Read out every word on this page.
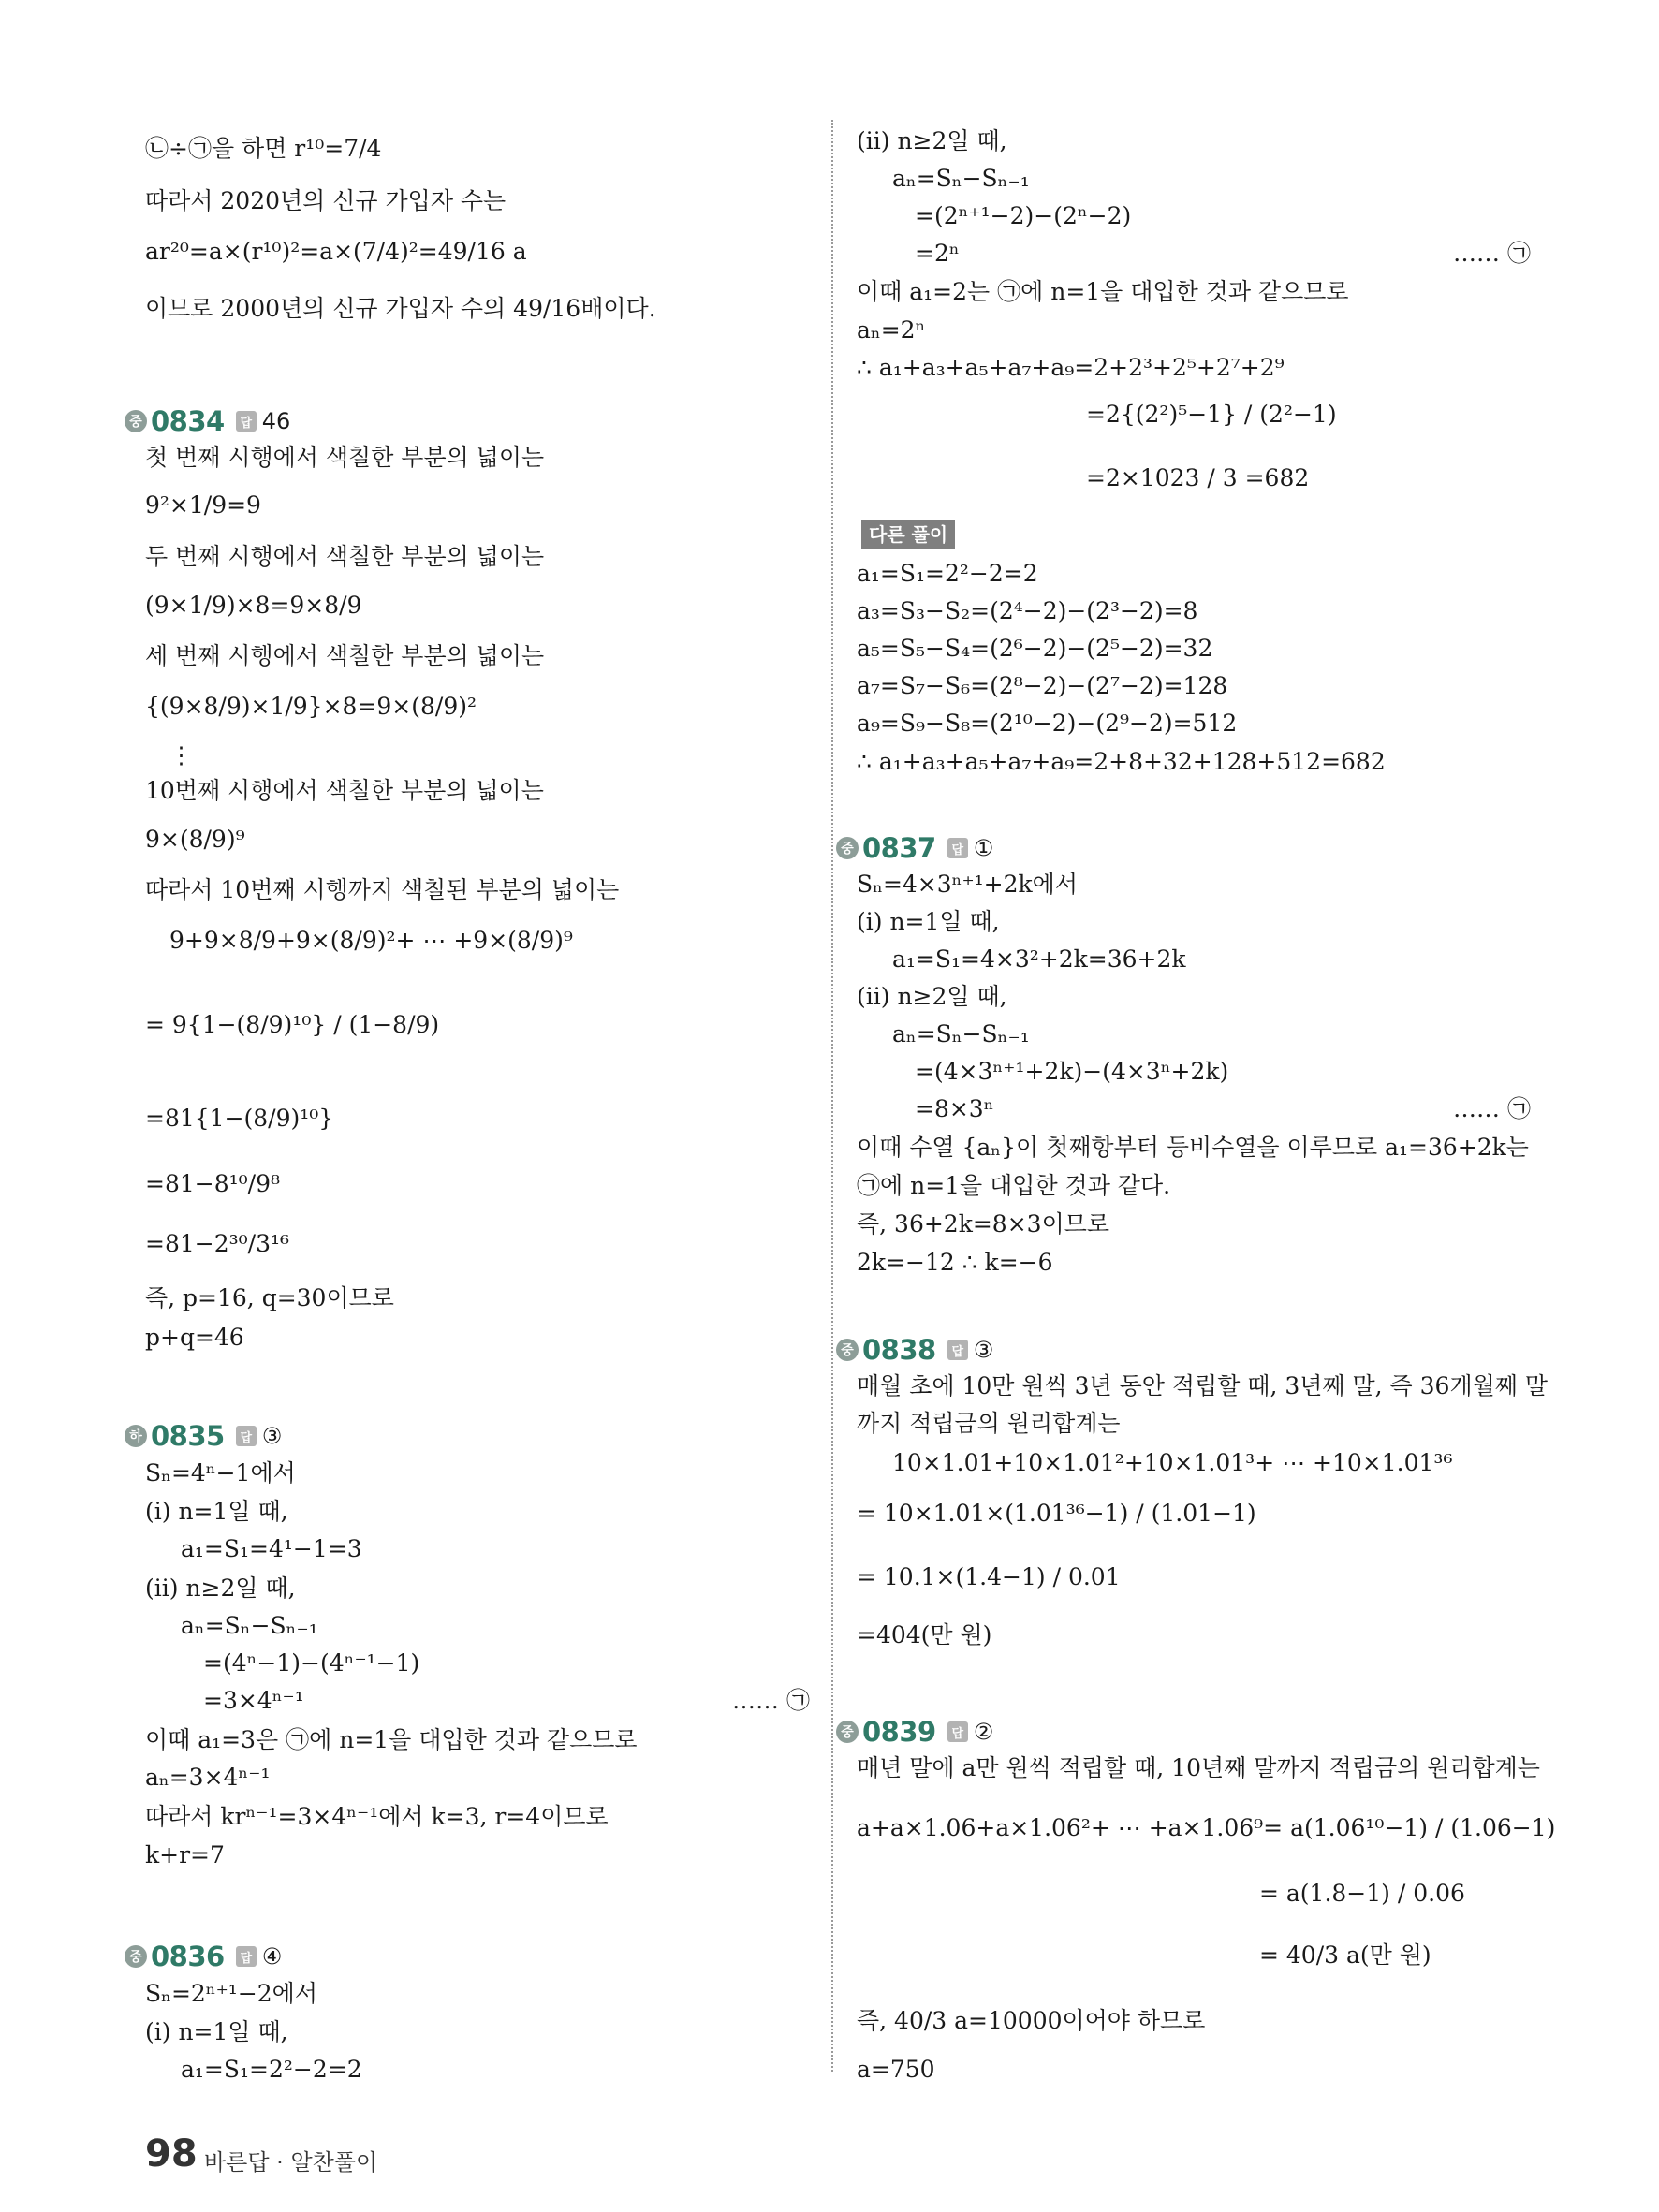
㉡÷㉠을 하면 r¹⁰=7/4
따라서 2020년의 신규 가입자 수는
ar²⁰=a×(r¹⁰)²=a×(7/4)²=49/16 a
이므로 2000년의 신규 가입자 수의 49/16배이다.
중 0834	답 46
첫 번째 시행에서 색칠한 부분의 넓이는
9²×1/9=9
두 번째 시행에서 색칠한 부분의 넓이는
(9×1/9)×8=9×8/9
세 번째 시행에서 색칠한 부분의 넓이는
{(9×8/9)×1/9}×8=9×(8/9)²
⋮
10번째 시행에서 색칠한 부분의 넓이는
9×(8/9)⁹
따라서 10번째 시행까지 색칠된 부분의 넓이는
9+9×8/9+9×(8/9)²+ ⋯ +9×(8/9)⁹
= 9{1−(8/9)¹⁰} / (1−8/9)
=81{1−(8/9)¹⁰}
=81−8¹⁰/9⁸
=81−2³⁰/3¹⁶
즉, p=16, q=30이므로
p+q=46
하 0835	답 ③
Sₙ=4ⁿ−1에서
(ⅰ) n=1일 때,
a₁=S₁=4¹−1=3
(ⅱ) n≥2일 때,
aₙ=Sₙ−Sₙ₋₁
=(4ⁿ−1)−(4ⁿ⁻¹−1)
=3×4ⁿ⁻¹	…… ㉠
이때 a₁=3은 ㉠에 n=1을 대입한 것과 같으므로
aₙ=3×4ⁿ⁻¹
따라서 krⁿ⁻¹=3×4ⁿ⁻¹에서 k=3, r=4이므로
k+r=7
중 0836	답 ④
Sₙ=2ⁿ⁺¹−2에서
(ⅰ) n=1일 때,
a₁=S₁=2²−2=2
(ⅱ) n≥2일 때,
aₙ=Sₙ−Sₙ₋₁
=(2ⁿ⁺¹−2)−(2ⁿ−2)
=2ⁿ	…… ㉠
이때 a₁=2는 ㉠에 n=1을 대입한 것과 같으므로
aₙ=2ⁿ
∴ a₁+a₃+a₅+a₇+a₉=2+2³+2⁵+2⁷+2⁹
=2{(2²)⁵−1} / (2²−1)
=2×1023 / 3 =682
다른 풀이
a₁=S₁=2²−2=2
a₃=S₃−S₂=(2⁴−2)−(2³−2)=8
a₅=S₅−S₄=(2⁶−2)−(2⁵−2)=32
a₇=S₇−S₆=(2⁸−2)−(2⁷−2)=128
a₉=S₉−S₈=(2¹⁰−2)−(2⁹−2)=512
∴ a₁+a₃+a₅+a₇+a₉=2+8+32+128+512=682
중 0837	답 ①
Sₙ=4×3ⁿ⁺¹+2k에서
(ⅰ) n=1일 때,
a₁=S₁=4×3²+2k=36+2k
(ⅱ) n≥2일 때,
aₙ=Sₙ−Sₙ₋₁
=(4×3ⁿ⁺¹+2k)−(4×3ⁿ+2k)
=8×3ⁿ	…… ㉠
이때 수열 {aₙ}이 첫째항부터 등비수열을 이루므로 a₁=36+2k는
㉠에 n=1을 대입한 것과 같다.
즉, 36+2k=8×3이므로
2k=−12 ∴ k=−6
중 0838	답 ③
매월 초에 10만 원씩 3년 동안 적립할 때, 3년째 말, 즉 36개월째 말
까지 적립금의 원리합계는
10×1.01+10×1.01²+10×1.01³+ ⋯ +10×1.01³⁶
= 10×1.01×(1.01³⁶−1) / (1.01−1)
= 10.1×(1.4−1) / 0.01
=404(만 원)
중 0839	답 ②
매년 말에 a만 원씩 적립할 때, 10년째 말까지 적립금의 원리합계는
a+a×1.06+a×1.06²+ ⋯ +a×1.06⁹= a(1.06¹⁰−1) / (1.06−1)
= a(1.8−1) / 0.06
= 40/3 a(만 원)
즉, 40/3 a=10000이어야 하므로
a=750
98 바른답 · 알찬풀이
